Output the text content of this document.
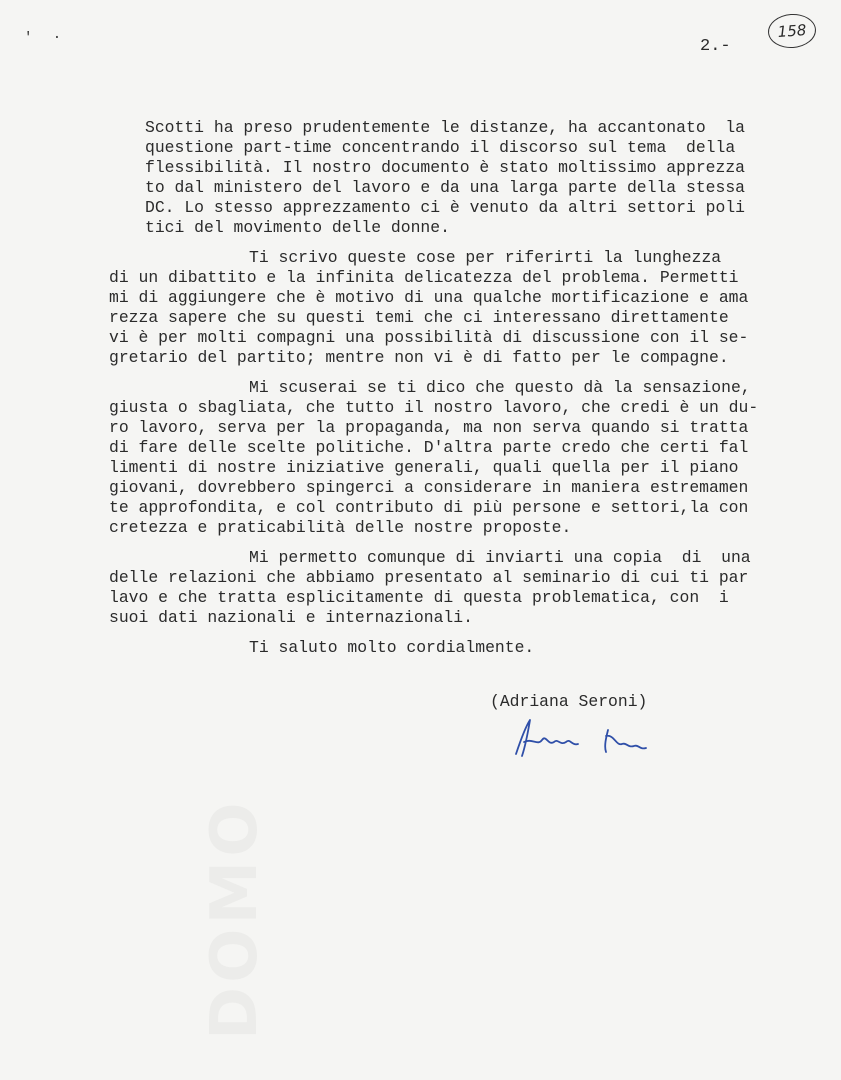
' ·	2.-
158
Scotti ha preso prudentemente le distanze, ha accantonato  la
questione part-time concentrando il discorso sul tema  della
flessibilità. Il nostro documento è stato moltissimo apprezza
to dal ministero del lavoro e da una larga parte della stessa
DC. Lo stesso apprezzamento ci è venuto da altri settori poli
tici del movimento delle donne.
Ti scrivo queste cose per riferirti la lunghezza
di un dibattito e la infinita delicatezza del problema. Permetti
mi di aggiungere che è motivo di una qualche mortificazione e ama
rezza sapere che su questi temi che ci interessano direttamente
vi è per molti compagni una possibilità di discussione con il se-
gretario del partito; mentre non vi è di fatto per le compagne.
Mi scuserai se ti dico che questo dà la sensazione,
giusta o sbagliata, che tutto il nostro lavoro, che credi è un du-
ro lavoro, serva per la propaganda, ma non serva quando si tratta
di fare delle scelte politiche. D'altra parte credo che certi fal
limenti di nostre iniziative generali, quali quella per il piano
giovani, dovrebbero spingerci a considerare in maniera estremamen
te approfondita, e col contributo di più persone e settori,la con
cretezza e praticabilità delle nostre proposte.
Mi permetto comunque di inviarti una copia  di  una
delle relazioni che abbiamo presentato al seminario di cui ti par
lavo e che tratta esplicitamente di questa problematica, con  i
suoi dati nazionali e internazionali.
Ti saluto molto cordialmente.
(Adriana Seroni)
